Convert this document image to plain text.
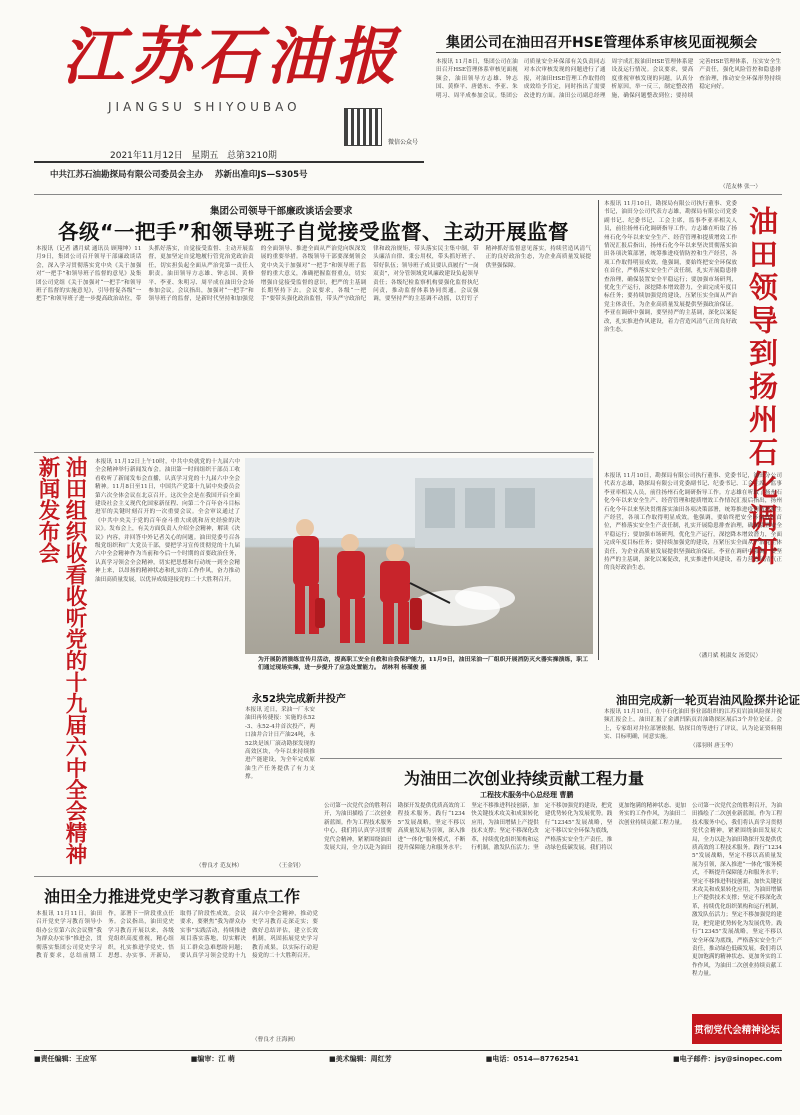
江苏石油报
JIANGSU SHIYOUBAO
微信公众号
2021年11月12日 星期五 总第3210期
中共江苏石油勘探局有限公司委员会主办 苏新出准印JS—S305号
集团公司在油田召开HSE管理体系审核见面视频会
本报讯 11月8日，集团公司在油田召开HSE管理体系审核见面视频会，油田领导方志雄、钟志国、黄修平、唐德东、李亚、朱明习、周平成参加会议。集团公司质量安全环保部有关负责同志对本次审核发现的问题进行了通报，对油田HSE管理工作取得的成效给予肯定，同时指出了需要改进的方面。油田公司副总经理周宇成汇报油田HSE管理体系建设及运行情况。会议要求，要高度重视审核发现的问题，认真分析原因，举一反三，制定整改措施，确保问题整改到位；要持续完善HSE管理体系，压实安全生产责任，强化风险管控和隐患排查治理，推动安全环保形势持续稳定向好。
（范友林 张一）
集团公司领导干部廉政谈话会要求
各级“一把手”和领导班子自觉接受监督、主动开展监督
本报讯（记者 潘月斌 通讯员 顾翔坤）11月9日，集团公司召开领导干部廉政谈话会，深入学习贯彻落实党中央《关于加强对“一把手”和领导班子监督的意见》及集团公司党组《关于加强对“一把手”和领导班子监督的实施意见》，引导督促各级“一把手”和领导班子进一步提高政治站位，带头抓好落实，自觉接受监督、主动开展监督，更加坚定自觉地履行管党治党政治责任，切实担负起全面从严治党第一责任人职责。油田领导方志雄、钟志国、黄修平、李亚、朱明习、周平成在油田分会场参加会议。会议指出，加强对“一把手”和领导班子的监督，是新时代坚持和加强党的全面领导、推进全面从严治党向纵深发展的重要举措。各级领导干部要深刻领会党中央关于加强对“一把手”和领导班子监督的重大意义，准确把握监督重点，切实增强自觉接受监督的意识，把严的主基调长期坚持下去。会议要求，各级“一把手”要带头强化政治监督，带头严守政治纪律和政治规矩，带头落实民主集中制，带头廉洁自律、秉公用权，带头抓好班子、带好队伍；领导班子成员要认真履行“一岗双责”，对分管领域党风廉政建设负起领导责任；各级纪检监察机构要强化监督执纪问责，推动监督体系协同贯通。会议强调，要坚持严的主基调不动摇，以钉钉子精神抓好监督意见落实，持续营造风清气正的良好政治生态，为企业高质量发展提供坚强保障。
本报讯 11月10日，勘探局有限公司执行董事、党委书记，油田分公司代表方志雄，勘探局有限公司党委副书记、纪委书记、工会主席，监事李亚率相关人员，前往扬州石化调研指导工作。方志雄在听取了扬州石化今年以来安全生产、经营管理和提质增效工作情况汇报后指出，扬州石化今年以来坚决贯彻落实油田各项决策部署，统筹推进疫情防控和生产经营，各项工作取得明显成效。他强调，要始终把安全环保放在首位，严格落实安全生产责任制，扎实开展隐患排查治理，确保装置安全平稳运行；要加强市场研判，优化生产运行，深挖降本增效潜力，全面完成年度目标任务；要持续加强党的建设，压紧压实全面从严治党主体责任，为企业高质量发展提供坚强政治保证。李亚在调研中强调，要坚持严的主基调，深化以案促改，扎实推进作风建设，着力营造风清气正的良好政治生态。	油田领导到扬州石化调研
本报讯 11月10日，勘探局有限公司执行董事、党委书记，油田分公司代表方志雄，勘探局有限公司党委副书记、纪委书记、工会主席，监事李亚率相关人员，前往扬州石化调研指导工作。方志雄在听取了扬州石化今年以来安全生产、经营管理和提质增效工作情况汇报后指出，扬州石化今年以来坚决贯彻落实油田各项决策部署，统筹推进疫情防控和生产经营，各项工作取得明显成效。他强调，要始终把安全环保放在首位，严格落实安全生产责任制，扎实开展隐患排查治理，确保装置安全平稳运行；要加强市场研判，优化生产运行，深挖降本增效潜力，全面完成年度目标任务；要持续加强党的建设，压紧压实全面从严治党主体责任，为企业高质量发展提供坚强政治保证。李亚在调研中强调，要坚持严的主基调，深化以案促改，扎实推进作风建设，着力营造风清气正的良好政治生态。
（潘月斌 税淑女 汤爱民）
油田组织收看收听党的十九届六中全会精神新闻发布会	本报讯 11月12日上午10时，中共中央就党的十九届六中全会精神举行新闻发布会。油田第一时间组织干部员工收看收听了新闻发布会直播，认真学习党的十九届六中全会精神。11月8日至11日，中国共产党第十九届中央委员会第六次全体会议在北京召开。这次全会是在我国开启全面建设社会主义现代化国家新征程、向第二个百年奋斗目标进军的关键时刻召开的一次重要会议。全会审议通过了《中共中央关于党的百年奋斗重大成就和历史经验的决议》。发布会上，有关方面负责人介绍全会精神，解读《决议》内容，并回答中外记者关心的问题。油田党委号召各级党组织和广大党员干部，要把学习宣传贯彻党的十九届六中全会精神作为当前和今后一个时期的首要政治任务，认真学习领会全会精神，切实把思想和行动统一到全会精神上来，以昂扬的精神状态和扎实的工作作风，奋力推动油田高质量发展，以优异成绩迎接党的二十大胜利召开。
（曹良才 范友林）
为开展防消演练宣传月活动，提高职工安全自救和自我保护能力，11月9日，油田采油一厂组织开展消防灭火器实操演练，职工们通过现场实操，进一步提升了应急处置能力。 胡林利 杨瑾俊 摄
永52块完成新井投产
本报讯 近日，采油一厂永安油田再传捷报：实施的永52-3、永52-4井首次投产，两口油井合计日产油24吨，永52块是该厂滚动勘探发现的高效区块，今年以来持续推进产能建设，为全年完成原油生产任务提供了有力支撑。
（王金钊）
油田完成新一轮页岩油风险探井论证
本报讯 11月10日，在中石化油田事业部组织的江苏页岩油风险探井视频汇报会上，油田汇报了金湖凹陷页岩油勘探区展后3个井位论证。会上，专家组对井位部署依据、钻探目的等进行了评议，认为论证资料翔实、目标明确，同意实施。
（邵羽琪 唐玉华）
为油田二次创业持续贡献工程力量
工程技术服务中心总经理 曹鹏
公司第一次党代会的胜利召开，为油田描绘了二次创业新蓝图。作为工程技术服务中心，我们将认真学习贯彻党代会精神，紧紧围绕油田发展大局，全力以赴为油田勘探开发提供优质高效的工程技术服务。践行“12345”发展战略，坚定不移以高质量发展为引领，深入推进“一体化”服务模式，不断提升保障能力和服务水平；坚定不移推进科技创新，加快关键技术攻关和成果转化应用，为油田增储上产提供技术支撑；坚定不移深化改革，持续优化组织架构和运行机制，激发队伍活力；坚定不移加强党的建设，把党建优势转化为发展优势。践行“12345”发展战略，坚定不移以安全环保为底线，严格落实安全生产责任，推动绿色低碳发展。我们将以更加饱满的精神状态、更加务实的工作作风，为油田二次创业持续贡献工程力量。
公司第一次党代会的胜利召开，为油田描绘了二次创业新蓝图。作为工程技术服务中心，我们将认真学习贯彻党代会精神，紧紧围绕油田发展大局，全力以赴为油田勘探开发提供优质高效的工程技术服务。践行“12345”发展战略，坚定不移以高质量发展为引领，深入推进“一体化”服务模式，不断提升保障能力和服务水平；坚定不移推进科技创新，加快关键技术攻关和成果转化应用，为油田增储上产提供技术支撑；坚定不移深化改革，持续优化组织架构和运行机制，激发队伍活力；坚定不移加强党的建设，把党建优势转化为发展优势。践行“12345”发展战略，坚定不移以安全环保为底线，严格落实安全生产责任，推动绿色低碳发展。我们将以更加饱满的精神状态、更加务实的工作作风，为油田二次创业持续贡献工程力量。
贯彻党代会精神论坛
油田全力推进党史学习教育重点工作
本报讯 11月11日，油田召开党史学习教育领导小组办公室第六次会议暨“我为群众办实事”推进会，贯彻落实集团公司党史学习教育要求，总结前期工作，部署下一阶段重点任务。会议指出，油田党史学习教育开展以来，各级党组织高度重视，精心组织，扎实推进学党史、悟思想、办实事、开新局，取得了阶段性成效。会议要求，要聚焦“我为群众办实事”实践活动，持续推进项目落实落地，切实解决员工群众急难愁盼问题；要认真学习领会党的十九届六中全会精神，推动党史学习教育走深走实；要做好总结评估，建立长效机制，巩固拓展党史学习教育成果，以实际行动迎接党的二十大胜利召开。
（曹良才 汪海洲）
■责任编辑：王应军	■编审：江 萌	■美术编辑：周红芳	■电话：0514—87762541	■电子邮件：jsy@sinopec.com
